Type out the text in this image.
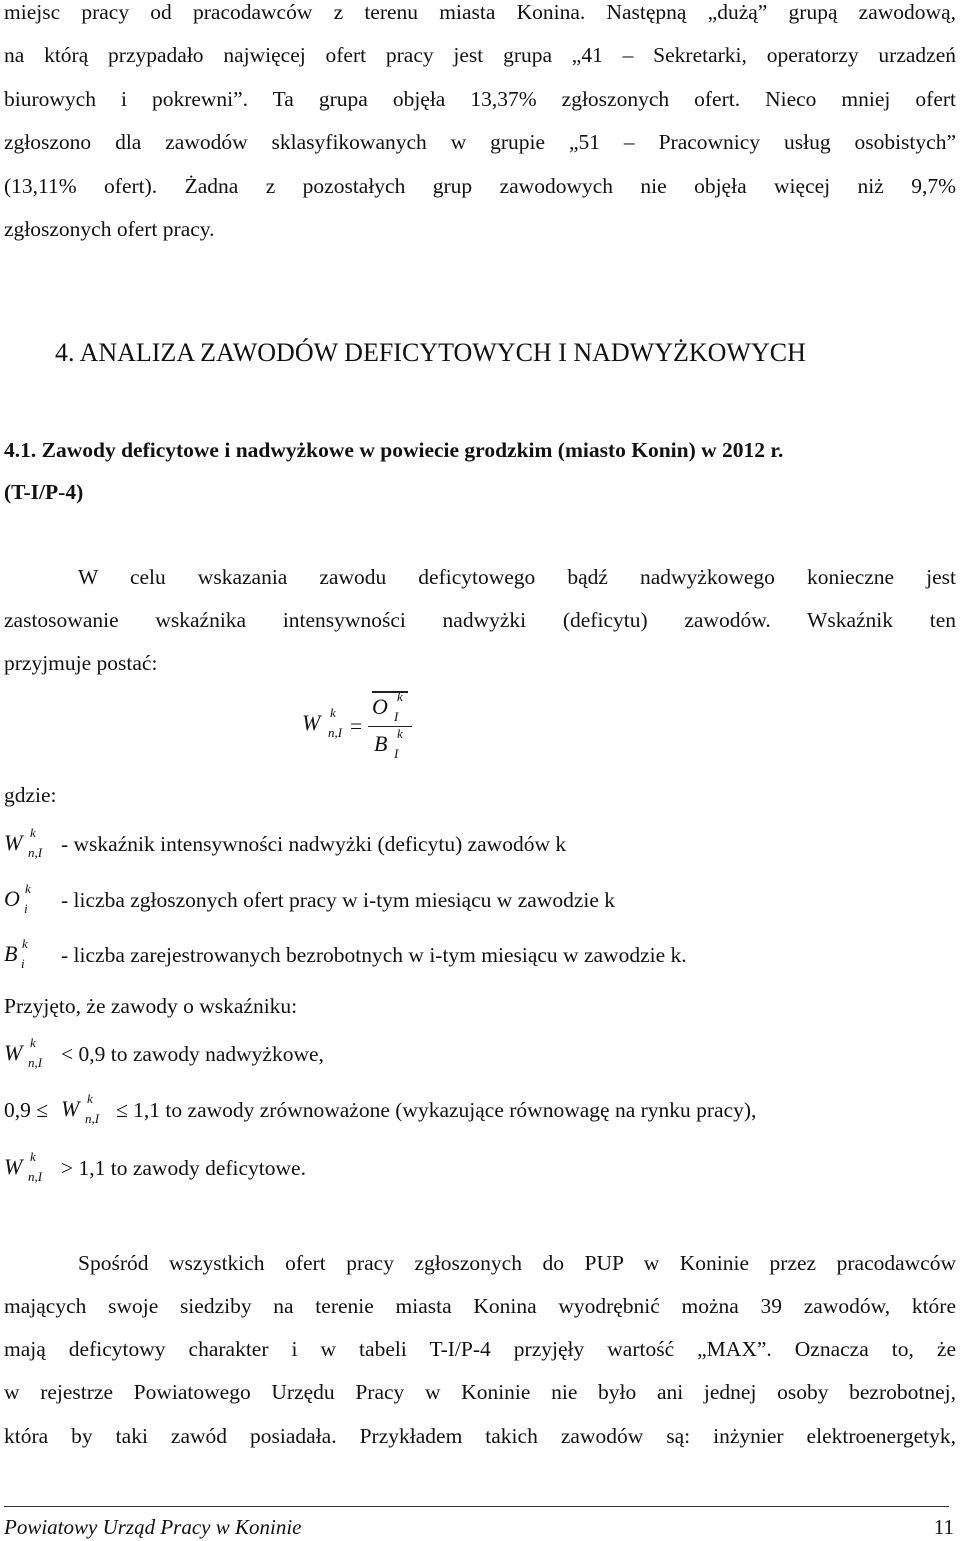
miejsc pracy od pracodawców z terenu miasta Konina. Następną „dużą” grupą zawodową,
na którą przypadało najwięcej ofert pracy jest grupa „41 – Sekretarki, operatorzy urzadzeń
biurowych i pokrewni”. Ta grupa objęła 13,37% zgłoszonych ofert. Nieco mniej ofert
zgłoszono dla zawodów sklasyfikowanych w grupie „51 – Pracownicy usług osobistych”
(13,11% ofert). Żadna z pozostałych grup zawodowych nie objęła więcej niż 9,7%
zgłoszonych ofert pracy.
4. ANALIZA ZAWODÓW DEFICYTOWYCH I NADWYŻKOWYCH
4.1. Zawody deficytowe i nadwyżkowe w powiecie grodzkim (miasto Konin) w 2012 r.
(T-I/P-4)
W celu wskazania zawodu deficytowego bądź nadwyżkowego konieczne jest
zastosowanie wskaźnika intensywności nadwyżki (deficytu) zawodów. Wskaźnik ten
przyjmuje postać:
W k
n,I =
O k
I
B k
I
gdzie:
W k
n,I - wskaźnik intensywności nadwyżki (deficytu) zawodów k
O k
i - liczba zgłoszonych ofert pracy w i-tym miesiącu w zawodzie k
B k
i - liczba zarejestrowanych bezrobotnych w i-tym miesiącu w zawodzie k.
Przyjęto, że zawody o wskaźniku:
W k
n,I < 0,9 to zawody nadwyżkowe,
0,9 ≤ W k
n,I ≤ 1,1 to zawody zrównoważone (wykazujące równowagę na rynku pracy),
W k
n,I > 1,1 to zawody deficytowe.
Spośród wszystkich ofert pracy zgłoszonych do PUP w Koninie przez pracodawców
mających swoje siedziby na terenie miasta Konina wyodrębnić można 39 zawodów, które
mają deficytowy charakter i w tabeli T-I/P-4 przyjęły wartość „MAX”. Oznacza to, że
w rejestrze Powiatowego Urzędu Pracy w Koninie nie było ani jednej osoby bezrobotnej,
która by taki zawód posiadała. Przykładem takich zawodów są: inżynier elektroenergetyk,
Powiatowy Urząd Pracy w Koninie	11
